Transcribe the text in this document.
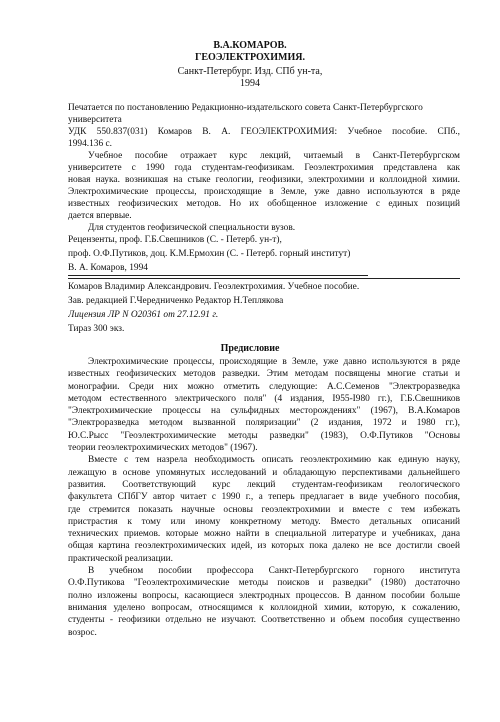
В.А.КОМАРОВ.
ГЕОЭЛЕКТРОХИМИЯ.
Санкт-Петербург. Изд. СПб ун-та,
1994
Печатается по постановлению Редакционно-издательского совета Санкт-Петербургского
университета
УДК 550.837(031) Комаров В. А. ГЕОЭЛЕКТРОХИМИЯ: Учебное пособие. СПб.,
1994.136 с.
Учебное пособие отражает курс лекций, читаемый в Санкт-Петербургском
университете с 1990 года студентам-геофизикам. Геоэлектрохимия представлена как
новая наука. возникшая на стыке геологии, геофизики, электрохимии и коллоидной химии.
Электрохимические процессы, происходящие в Земле, уже давно используются в ряде
известных геофизических методов. Но их обобщенное изложение с единых позиций
дается впервые.
Для студентов геофизической специальности вузов.
Рецензенты, проф. Г.Б.Свешников (С. - Петерб. ун-т),
проф. О.Ф.Путиков, доц. К.М.Ермохин (С. - Петерб. горный институт)
В. А. Комаров, 1994
Комаров Владимир Александрович. Геоэлектрохимия. Учебное пособие.
Зав. редакцией Г.Чередниченко Редактор Н.Теплякова
Лицензия ЛР N О20361 от 27.12.91 г.
Тираз 300 экз.
Предисловие
Электрохимические процессы, происходящие в Земле, уже давно используются в ряде
известных геофизических методов разведки. Этим методам посвящены многие статьи и
монографии. Среди них можно отметить следующие: А.С.Семенов "Электроразведка
методом естественного электрического поля" (4 издания, I955-I980 гг.), Г.Б.Свешников
"Электрохимические процессы на сульфидных месторождениях" (1967), В.А.Комаров
"Электроразведка методом вызванной поляризации" (2 издания, 1972 и 1980 гг.),
Ю.С.Рысс "Геоэлектрохимические методы разведки" (1983), О.Ф.Путиков "Основы
теории геоэлектрохимических методов" (1967).
Вместе с тем назрела необходимость описать геоэлектрохимию как единую науку,
лежащую в основе упомянутых исследований и обладающую перспективами дальнейшего
развития. Соответствующий курс лекций студентам-геофизикам геологического
факультета СПбГУ автор читает с 1990 г., а теперь предлагает в виде учебного пособия,
где стремится показать научные основы геоэлектрохимии и вместе с тем избежать
пристрастия к тому или иному конкретному методу. Вместо детальных описаний
технических приемов. которые можно найти в специальной литературе и учебниках, дана
общая картина геоэлектрохимических идей, из которых пока далеко не все достигли своей
практической реализации.
В учебном пособии профессора Санкт-Петербургского горного института
О.Ф.Путикова "Геоэлектрохимические методы поисков и разведки" (1980) достаточно
полно изложены вопросы, касающиеся электродных процессов. В данном пособии больше
внимания уделено вопросам, относящимся к коллоидной химии, которую, к сожалению,
студенты - геофизики отдельно не изучают. Соответственно и объем пособия существенно
возрос.
